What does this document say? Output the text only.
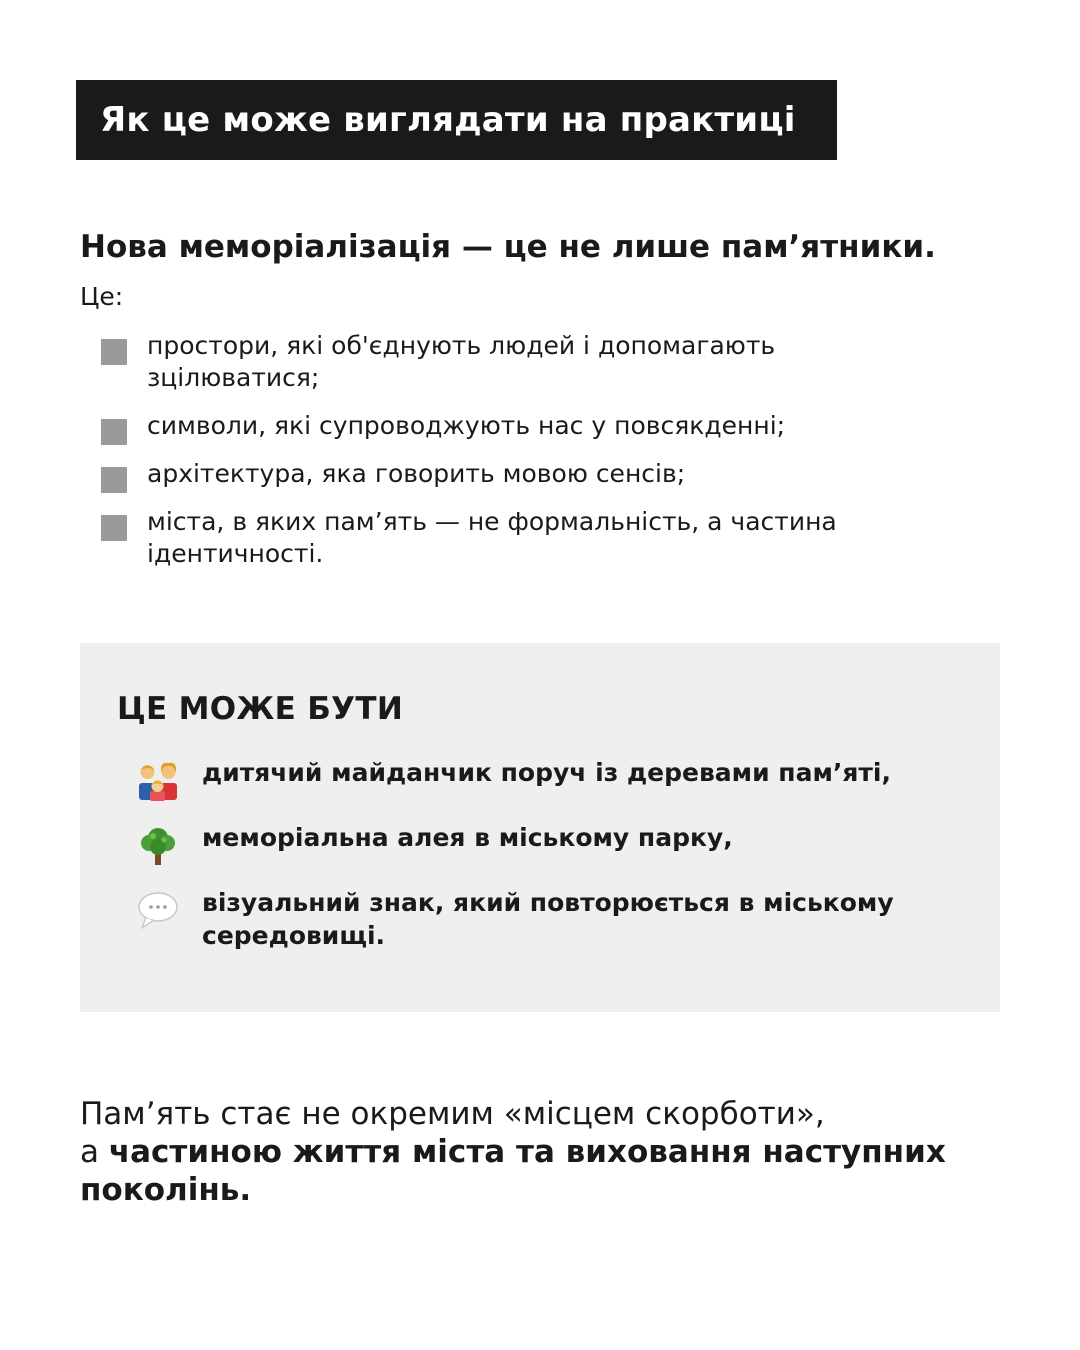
Як це може виглядати на практиці

Нова меморіалізація — це не лише пам’ятники.

Це:

простори, які об'єднують людей і допомагають зцілюватися;
символи, які супроводжують нас у повсякденні;
архітектура, яка говорить мовою сенсів;
міста, в яких пам’ять — не формальність, а частина ідентичності.
ЦЕ МОЖЕ БУТИ
дитячий майданчик поруч із деревами пам’яті,
меморіальна алея в міському парку,
візуальний знак, який повторюється в міському середовищі.

Пам’ять стає не окремим «місцем скорботи»,
а частиною життя міста та виховання наступних поколінь.
